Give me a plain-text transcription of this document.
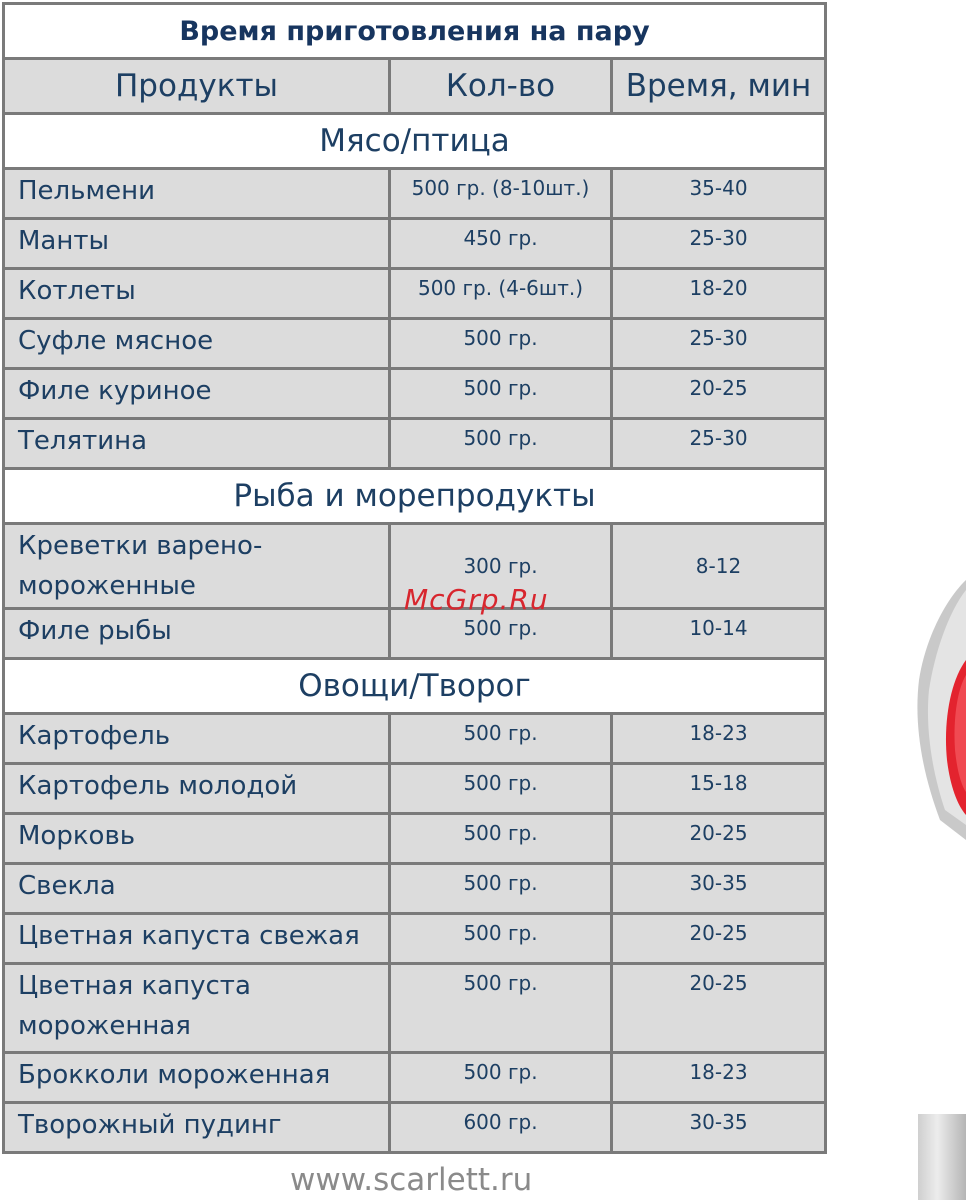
Время приготовления на пару		
Продукты	Кол-во	Время, мин
Мясо/птица		
Пельмени	500 гр. (8-10шт.)	35-40
Манты	450 гр.	25-30
Котлеты	500 гр. (4-6шт.)	18-20
Суфле мясное	500 гр.	25-30
Филе куриное	500 гр.	20-25
Телятина	500 гр.	25-30
Рыба и морепродукты		
Креветки варено-мороженные	300 гр.	8-12
Филе рыбы	500 гр.	10-14
Овощи/Творог		
Картофель	500 гр.	18-23
Картофель молодой	500 гр.	15-18
Морковь	500 гр.	20-25
Свекла	500 гр.	30-35
Цветная капуста свежая	500 гр.	20-25
Цветная капуста мороженная	500 гр.	20-25
Брокколи мороженная	500 гр.	18-23
Творожный пудинг	600 гр.	30-35
McGrp.Ru
www.scarlett.ru
